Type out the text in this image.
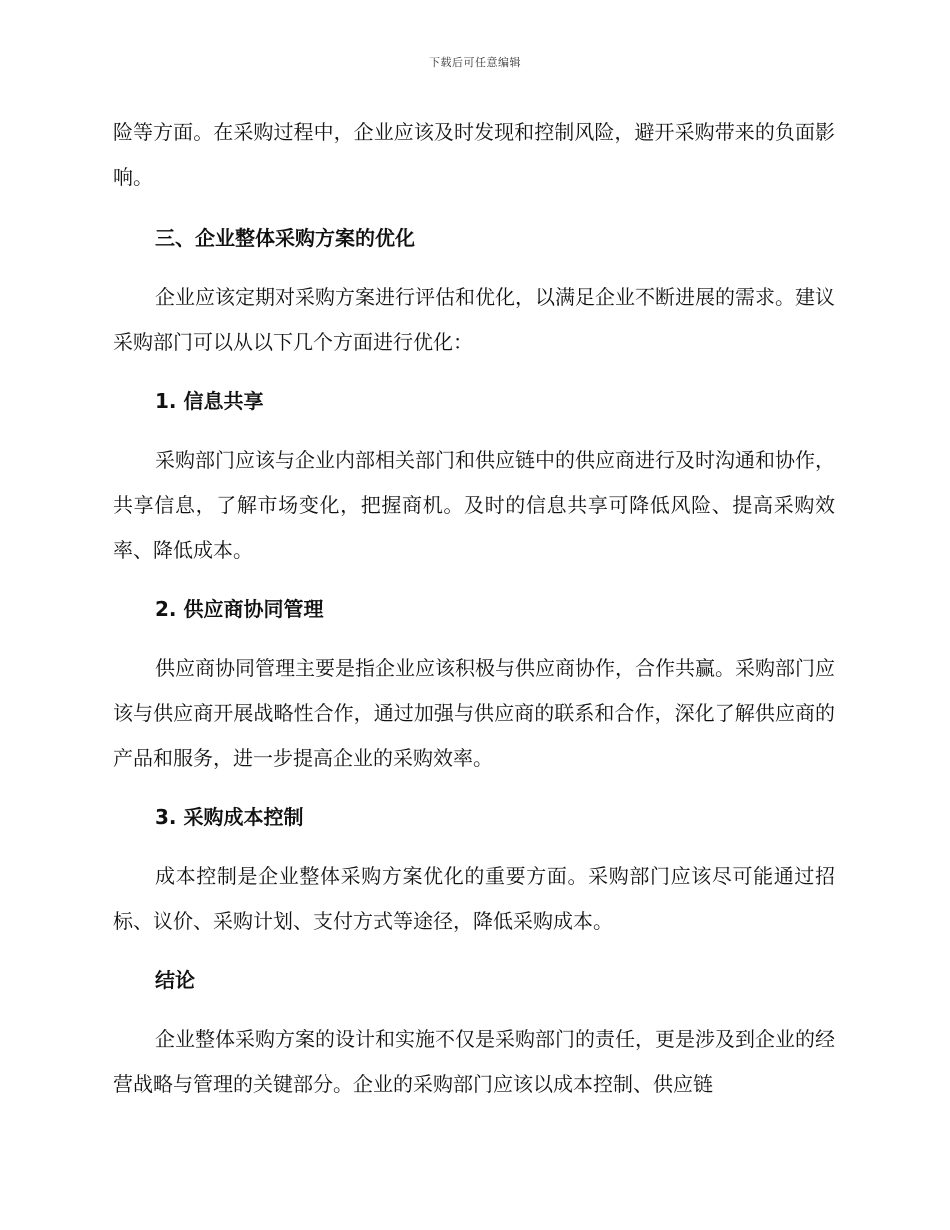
下载后可任意编辑

险等方面。在采购过程中，企业应该及时发现和控制风险，避开采购带来的负面影响。

三、企业整体采购方案的优化

企业应该定期对采购方案进行评估和优化，以满足企业不断进展的需求。建议采购部门可以从以下几个方面进行优化：

1. 信息共享

采购部门应该与企业内部相关部门和供应链中的供应商进行及时沟通和协作，共享信息，了解市场变化，把握商机。及时的信息共享可降低风险、提高采购效率、降低成本。

2. 供应商协同管理

供应商协同管理主要是指企业应该积极与供应商协作，合作共赢。采购部门应该与供应商开展战略性合作，通过加强与供应商的联系和合作，深化了解供应商的产品和服务，进一步提高企业的采购效率。

3. 采购成本控制

成本控制是企业整体采购方案优化的重要方面。采购部门应该尽可能通过招标、议价、采购计划、支付方式等途径，降低采购成本。

结论

企业整体采购方案的设计和实施不仅是采购部门的责任，更是涉及到企业的经营战略与管理的关键部分。企业的采购部门应该以成本控制、供应链
